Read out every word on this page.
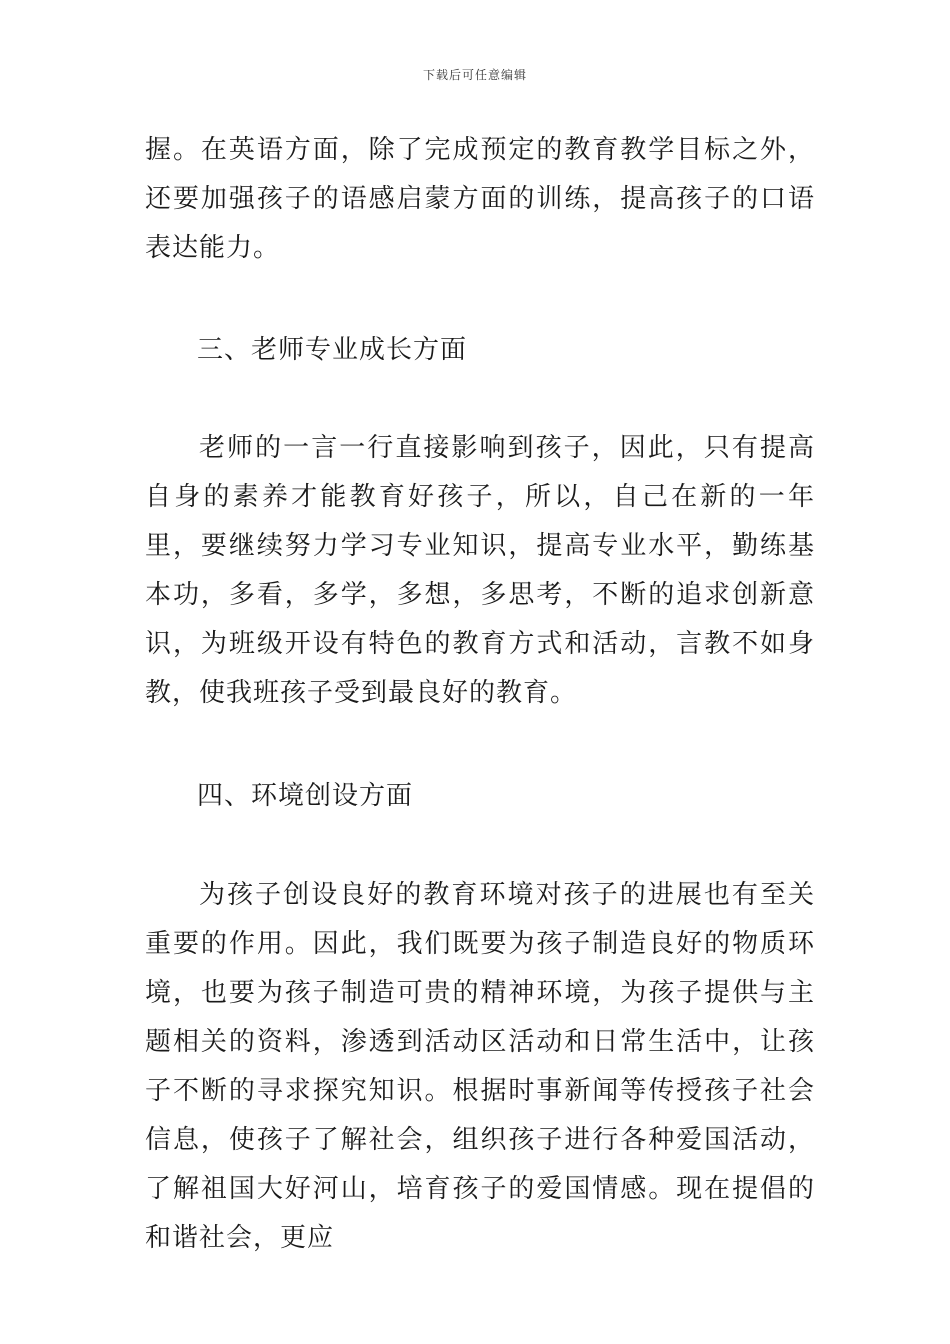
下载后可任意编辑

握。在英语方面，除了完成预定的教育教学目标之外，还要加强孩子的语感启蒙方面的训练，提高孩子的口语表达能力。

三、老师专业成长方面

老师的一言一行直接影响到孩子，因此，只有提高自身的素养才能教育好孩子，所以，自己在新的一年里，要继续努力学习专业知识，提高专业水平，勤练基本功，多看，多学，多想，多思考，不断的追求创新意识，为班级开设有特色的教育方式和活动，言教不如身教，使我班孩子受到最良好的教育。

四、环境创设方面

为孩子创设良好的教育环境对孩子的进展也有至关重要的作用。因此，我们既要为孩子制造良好的物质环境，也要为孩子制造可贵的精神环境，为孩子提供与主题相关的资料，渗透到活动区活动和日常生活中，让孩子不断的寻求探究知识。根据时事新闻等传授孩子社会信息，使孩子了解社会，组织孩子进行各种爱国活动，了解祖国大好河山，培育孩子的爱国情感。现在提倡的和谐社会，更应
